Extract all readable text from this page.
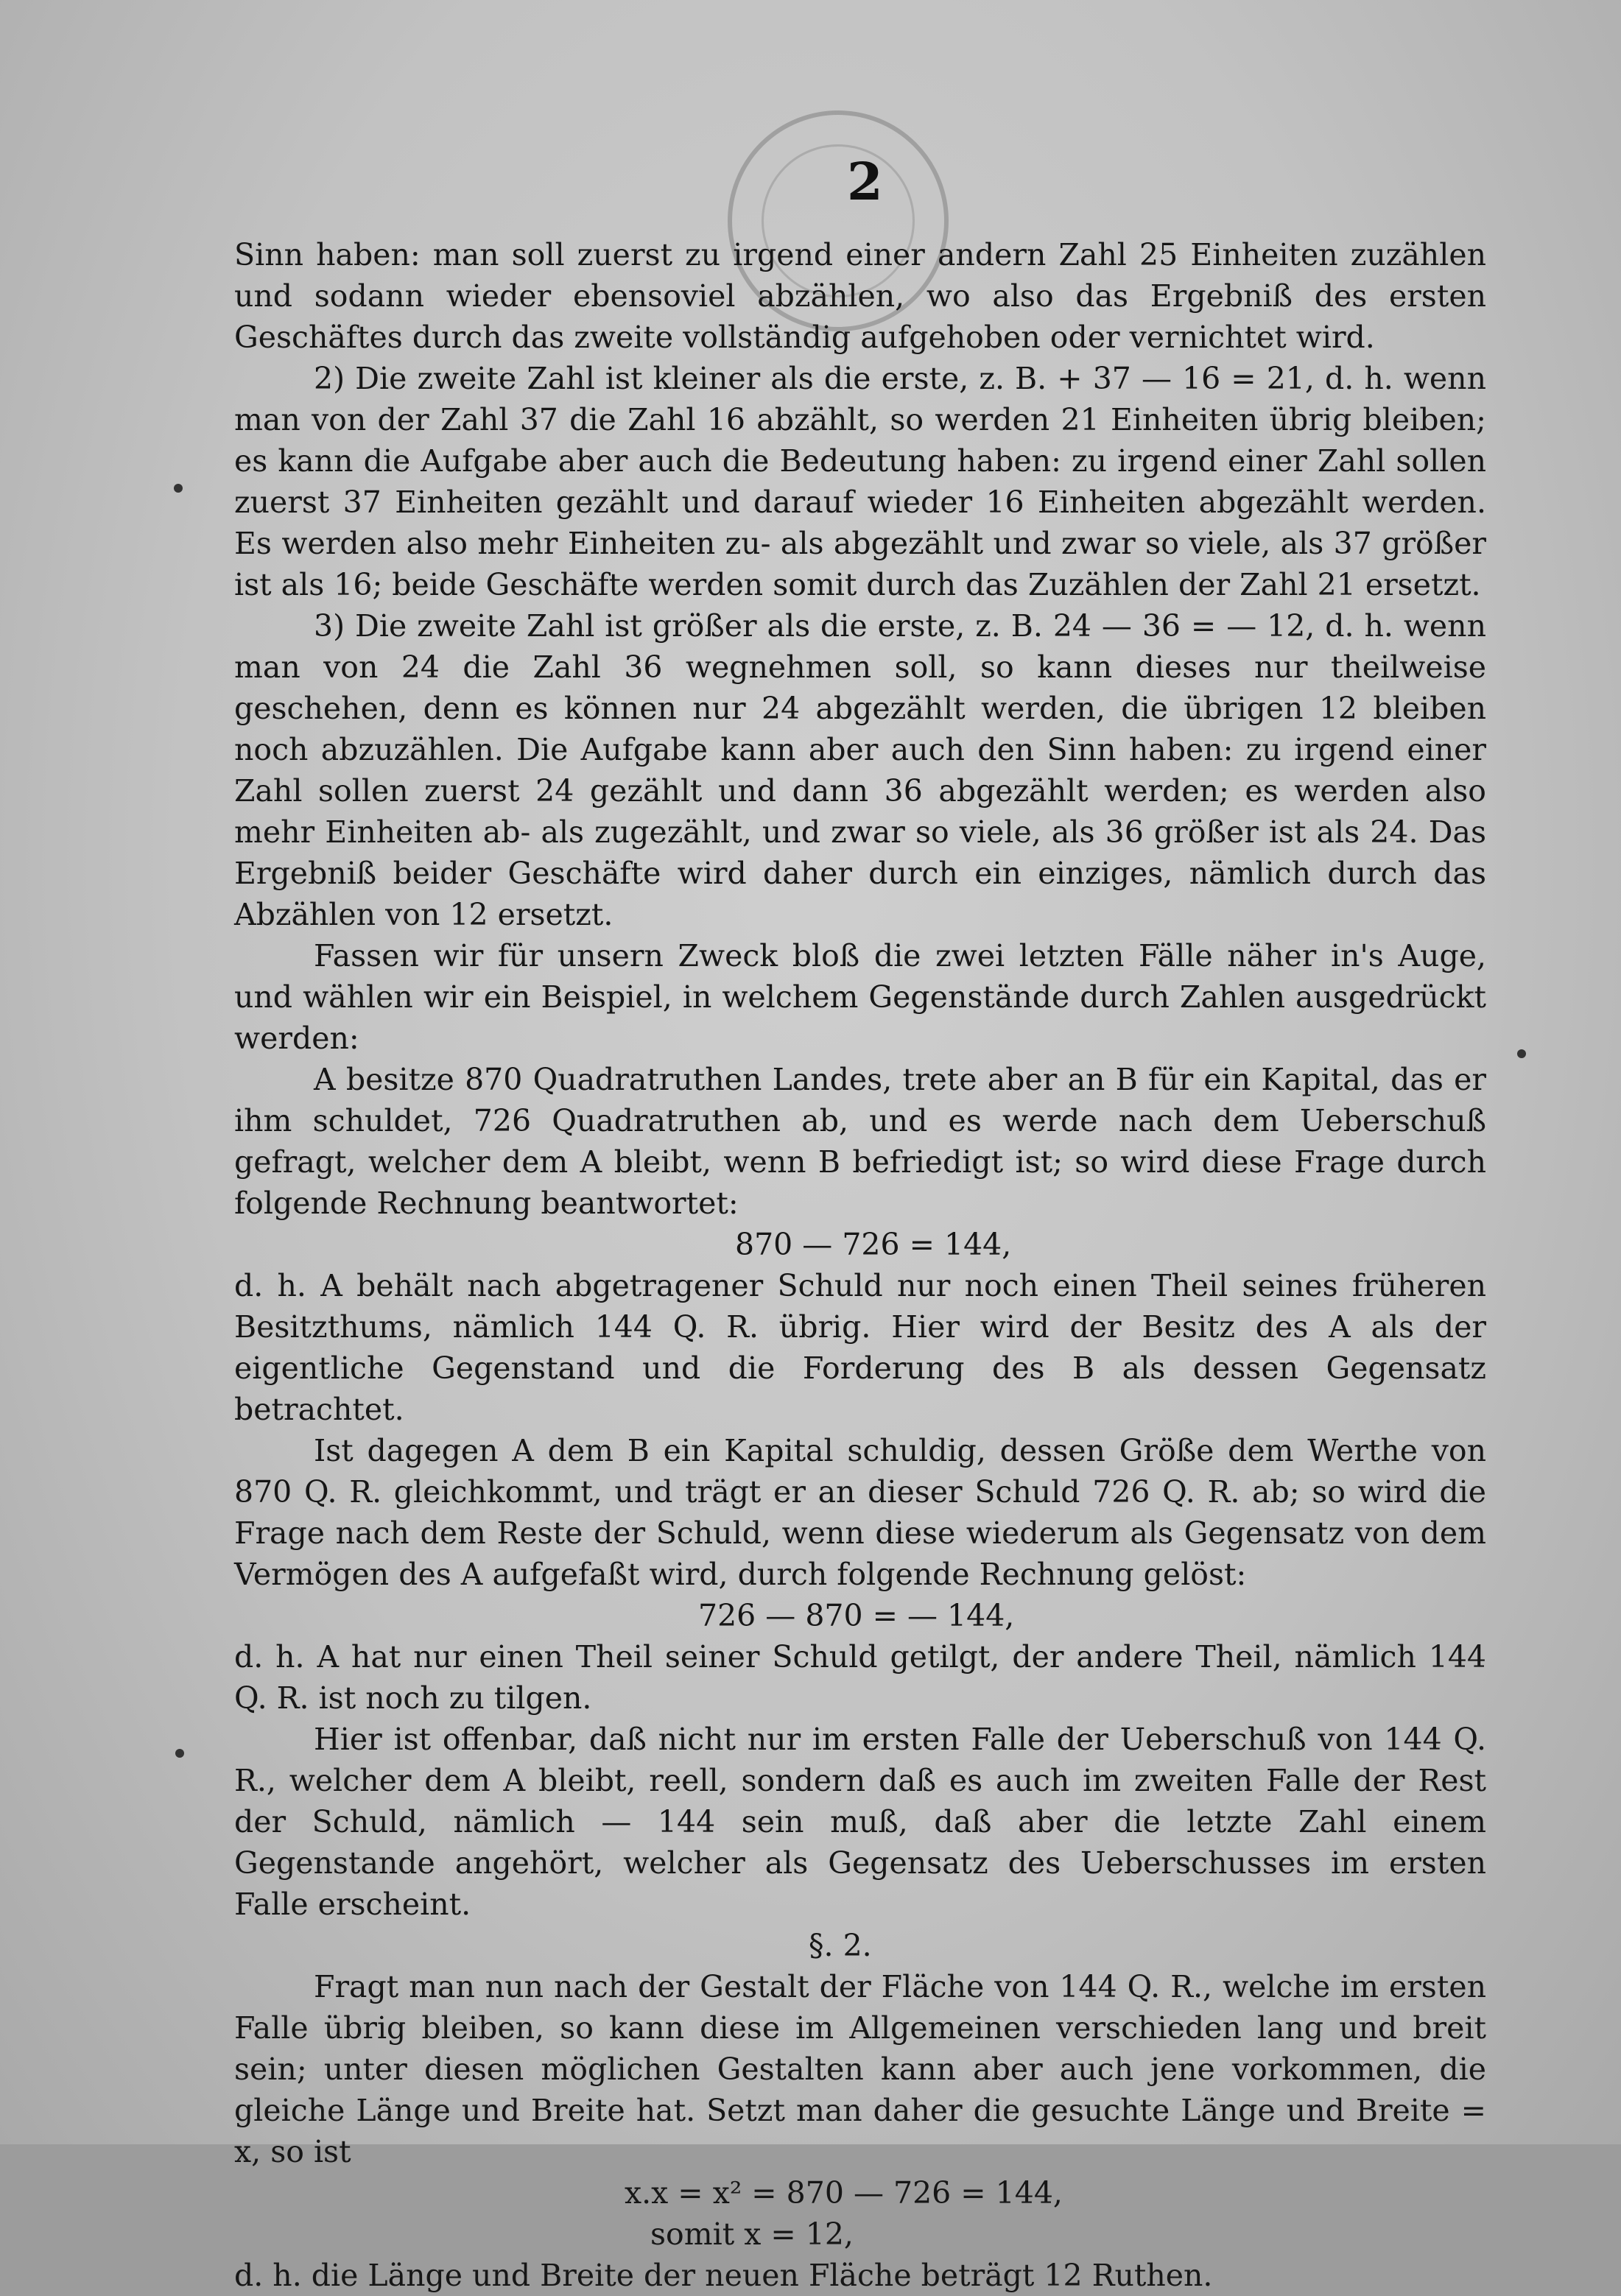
2

Sinn haben: man soll zuerst zu irgend einer andern Zahl 25 Einheiten zuzählen und sodann wieder ebensoviel abzählen, wo also das Ergebniß des ersten Geschäftes durch das zweite vollständig aufgehoben oder vernichtet wird.

2) Die zweite Zahl ist kleiner als die erste, z. B. + 37 — 16 = 21, d. h. wenn man von der Zahl 37 die Zahl 16 abzählt, so werden 21 Einheiten übrig bleiben; es kann die Aufgabe aber auch die Bedeutung haben: zu irgend einer Zahl sollen zuerst 37 Einheiten gezählt und darauf wieder 16 Einheiten abgezählt werden. Es werden also mehr Einheiten zu- als abgezählt und zwar so viele, als 37 größer ist als 16; beide Geschäfte werden somit durch das Zuzählen der Zahl 21 ersetzt.

3) Die zweite Zahl ist größer als die erste, z. B. 24 — 36 = — 12, d. h. wenn man von 24 die Zahl 36 wegnehmen soll, so kann dieses nur theilweise geschehen, denn es können nur 24 abgezählt werden, die übrigen 12 bleiben noch abzuzählen. Die Aufgabe kann aber auch den Sinn haben: zu irgend einer Zahl sollen zuerst 24 gezählt und dann 36 abgezählt werden; es werden also mehr Einheiten ab- als zugezählt, und zwar so viele, als 36 größer ist als 24. Das Ergebniß beider Geschäfte wird daher durch ein einziges, nämlich durch das Abzählen von 12 ersetzt.

Fassen wir für unsern Zweck bloß die zwei letzten Fälle näher in's Auge, und wählen wir ein Beispiel, in welchem Gegenstände durch Zahlen ausgedrückt werden:

A besitze 870 Quadratruthen Landes, trete aber an B für ein Kapital, das er ihm schuldet, 726 Quadratruthen ab, und es werde nach dem Ueberschuß gefragt, welcher dem A bleibt, wenn B befriedigt ist; so wird diese Frage durch folgende Rechnung beantwortet:

870 — 726 = 144,

d. h. A behält nach abgetragener Schuld nur noch einen Theil seines früheren Besitzthums, nämlich 144 Q. R. übrig. Hier wird der Besitz des A als der eigentliche Gegenstand und die Forderung des B als dessen Gegensatz betrachtet.

Ist dagegen A dem B ein Kapital schuldig, dessen Größe dem Werthe von 870 Q. R. gleichkommt, und trägt er an dieser Schuld 726 Q. R. ab; so wird die Frage nach dem Reste der Schuld, wenn diese wiederum als Gegensatz von dem Vermögen des A aufgefaßt wird, durch folgende Rechnung gelöst:

726 — 870 = — 144,

d. h. A hat nur einen Theil seiner Schuld getilgt, der andere Theil, nämlich 144 Q. R. ist noch zu tilgen.

Hier ist offenbar, daß nicht nur im ersten Falle der Ueberschuß von 144 Q. R., welcher dem A bleibt, reell, sondern daß es auch im zweiten Falle der Rest der Schuld, nämlich — 144 sein muß, daß aber die letzte Zahl einem Gegenstande angehört, welcher als Gegensatz des Ueberschusses im ersten Falle erscheint.

§. 2.

Fragt man nun nach der Gestalt der Fläche von 144 Q. R., welche im ersten Falle übrig bleiben, so kann diese im Allgemeinen verschieden lang und breit sein; unter diesen möglichen Gestalten kann aber auch jene vorkommen, die gleiche Länge und Breite hat. Setzt man daher die gesuchte Länge und Breite = x, so ist

x.x = x² = 870 — 726 = 144,

somit x = 12,

d. h. die Länge und Breite der neuen Fläche beträgt 12 Ruthen.
